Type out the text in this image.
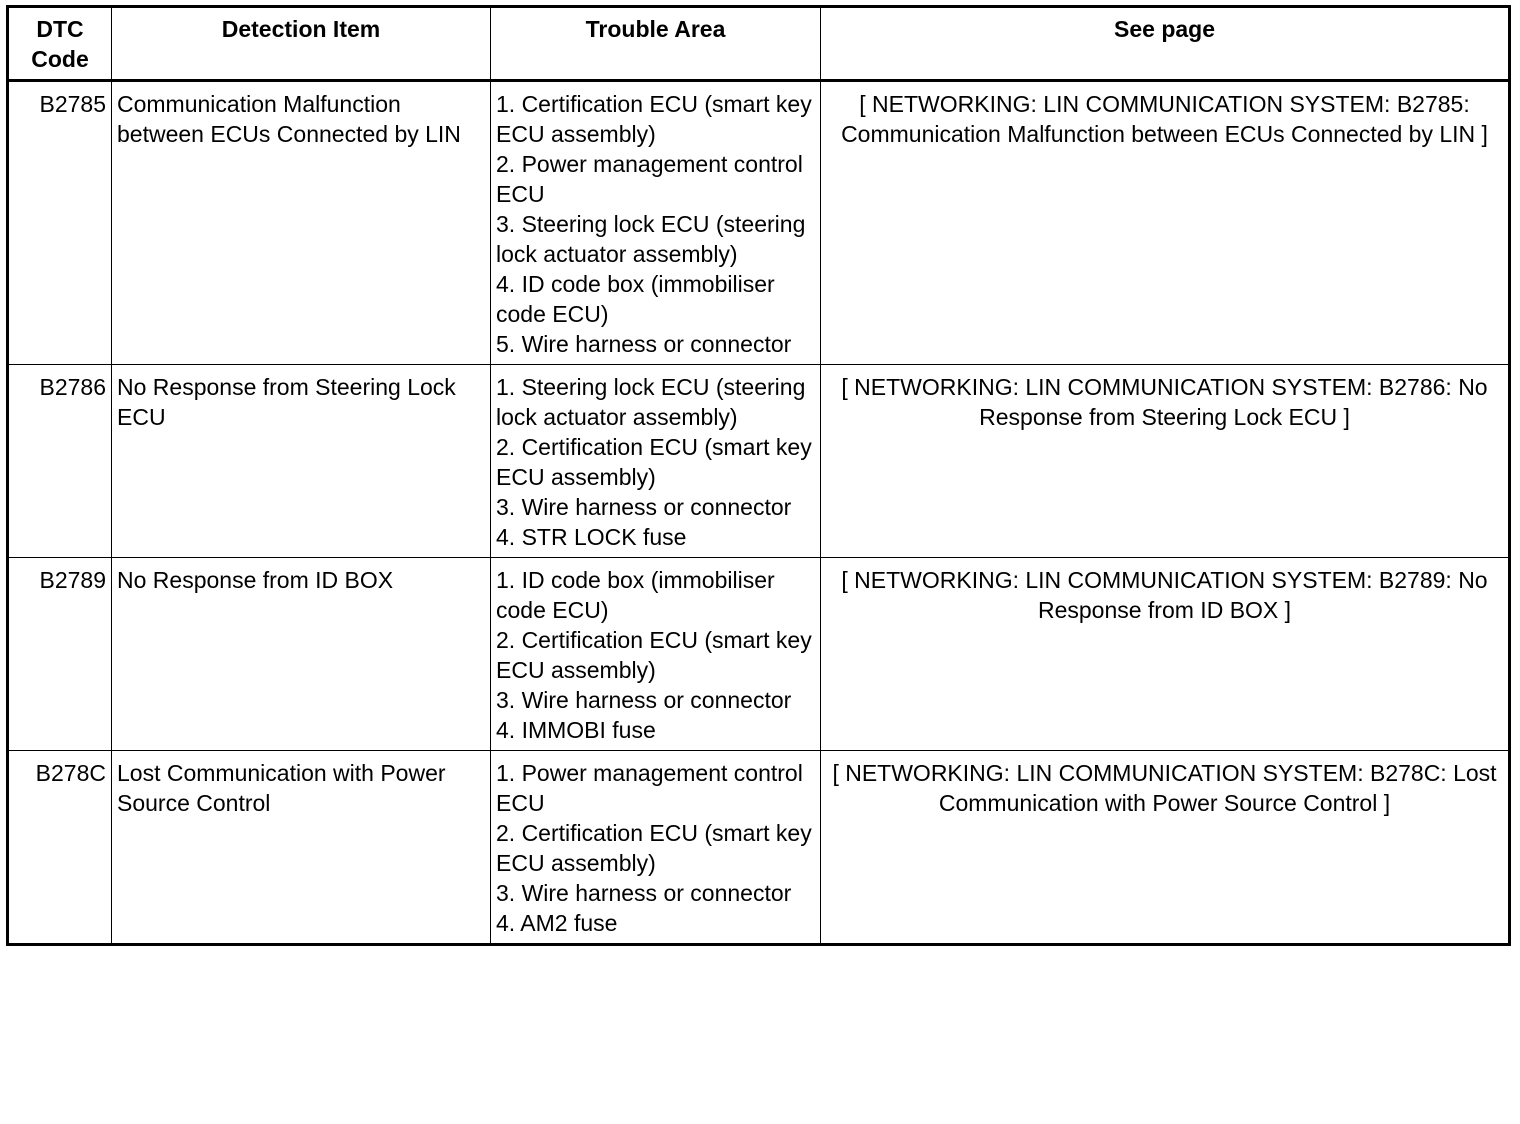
DTC
Code	Detection Item	Trouble Area	See page
B2785	Communication Malfunction between ECUs Connected by LIN	1. Certification ECU (smart key ECU assembly)
2. Power management control ECU
3. Steering lock ECU (steering lock actuator assembly)
4. ID code box (immobiliser code ECU)
5. Wire harness or connector	[ NETWORKING: LIN COMMUNICATION SYSTEM: B2785: Communication Malfunction between ECUs Connected by LIN ]
B2786	No Response from Steering Lock ECU	1. Steering lock ECU (steering lock actuator assembly)
2. Certification ECU (smart key ECU assembly)
3. Wire harness or connector
4. STR LOCK fuse	[ NETWORKING: LIN COMMUNICATION SYSTEM: B2786: No Response from Steering Lock ECU ]
B2789	No Response from ID BOX	1. ID code box (immobiliser code ECU)
2. Certification ECU (smart key ECU assembly)
3. Wire harness or connector
4. IMMOBI fuse	[ NETWORKING: LIN COMMUNICATION SYSTEM: B2789: No Response from ID BOX ]
B278C	Lost Communication with Power Source Control	1. Power management control ECU
2. Certification ECU (smart key ECU assembly)
3. Wire harness or connector
4. AM2 fuse	[ NETWORKING: LIN COMMUNICATION SYSTEM: B278C: Lost Communication with Power Source Control ]
